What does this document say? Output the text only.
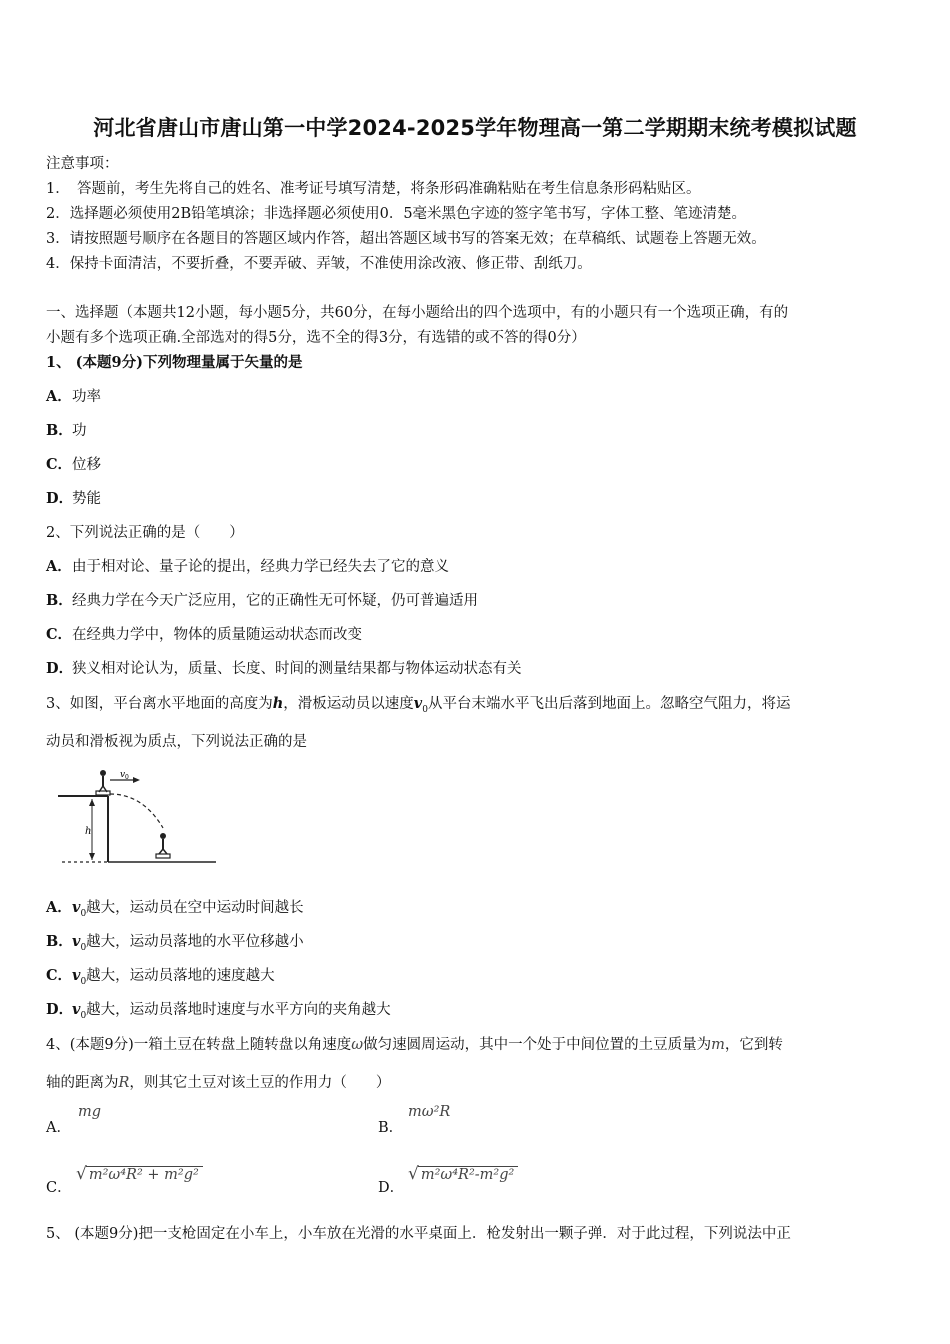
河北省唐山市唐山第一中学2024-2025学年物理高一第二学期期末统考模拟试题
注意事项：
1．　答题前，考生先将自己的姓名、准考证号填写清楚，将条形码准确粘贴在考生信息条形码粘贴区。
2．选择题必须使用2B铅笔填涂；非选择题必须使用0．5毫米黑色字迹的签字笔书写，字体工整、笔迹清楚。
3．请按照题号顺序在各题目的答题区域内作答，超出答题区域书写的答案无效；在草稿纸、试题卷上答题无效。
4．保持卡面清洁，不要折叠，不要弄破、弄皱，不准使用涂改液、修正带、刮纸刀。
一、选择题（本题共12小题，每小题5分，共60分，在每小题给出的四个选项中，有的小题只有一个选项正确，有的
小题有多个选项正确.全部选对的得5分，选不全的得3分，有选错的或不答的得0分）
1、 (本题9分)下列物理量属于矢量的是
A．功率
B．功
C．位移
D．势能
2、下列说法正确的是（　　）
A．由于相对论、量子论的提出，经典力学已经失去了它的意义
B．经典力学在今天广泛应用，它的正确性无可怀疑，仍可普遍适用
C．在经典力学中，物体的质量随运动状态而改变
D．狭义相对论认为，质量、长度、时间的测量结果都与物体运动状态有关
3、如图，平台离水平地面的高度为h，滑板运动员以速度$v_0$从平台末端水平飞出后落到地面上。忽略空气阻力，将运
动员和滑板视为质点，下列说法正确的是
h
v 0
A．$v_0$越大，运动员在空中运动时间越长
B．$v_0$越大，运动员落地的水平位移越小
C．$v_0$越大，运动员落地的速度越大
D．$v_0$越大，运动员落地时速度与水平方向的夹角越大
4、(本题9分)一箱土豆在转盘上随转盘以角速度ω做匀速圆周运动，其中一个处于中间位置的土豆质量为m，它到转
轴的距离为R，则其它土豆对该土豆的作用力（　　）
A．
mg
B．
mω²R
C．
√ m²ω⁴R² + m²g²
D．
√ m²ω⁴R²-m²g²
5、 (本题9分)把一支枪固定在小车上，小车放在光滑的水平桌面上．枪发射出一颗子弹．对于此过程，下列说法中正
